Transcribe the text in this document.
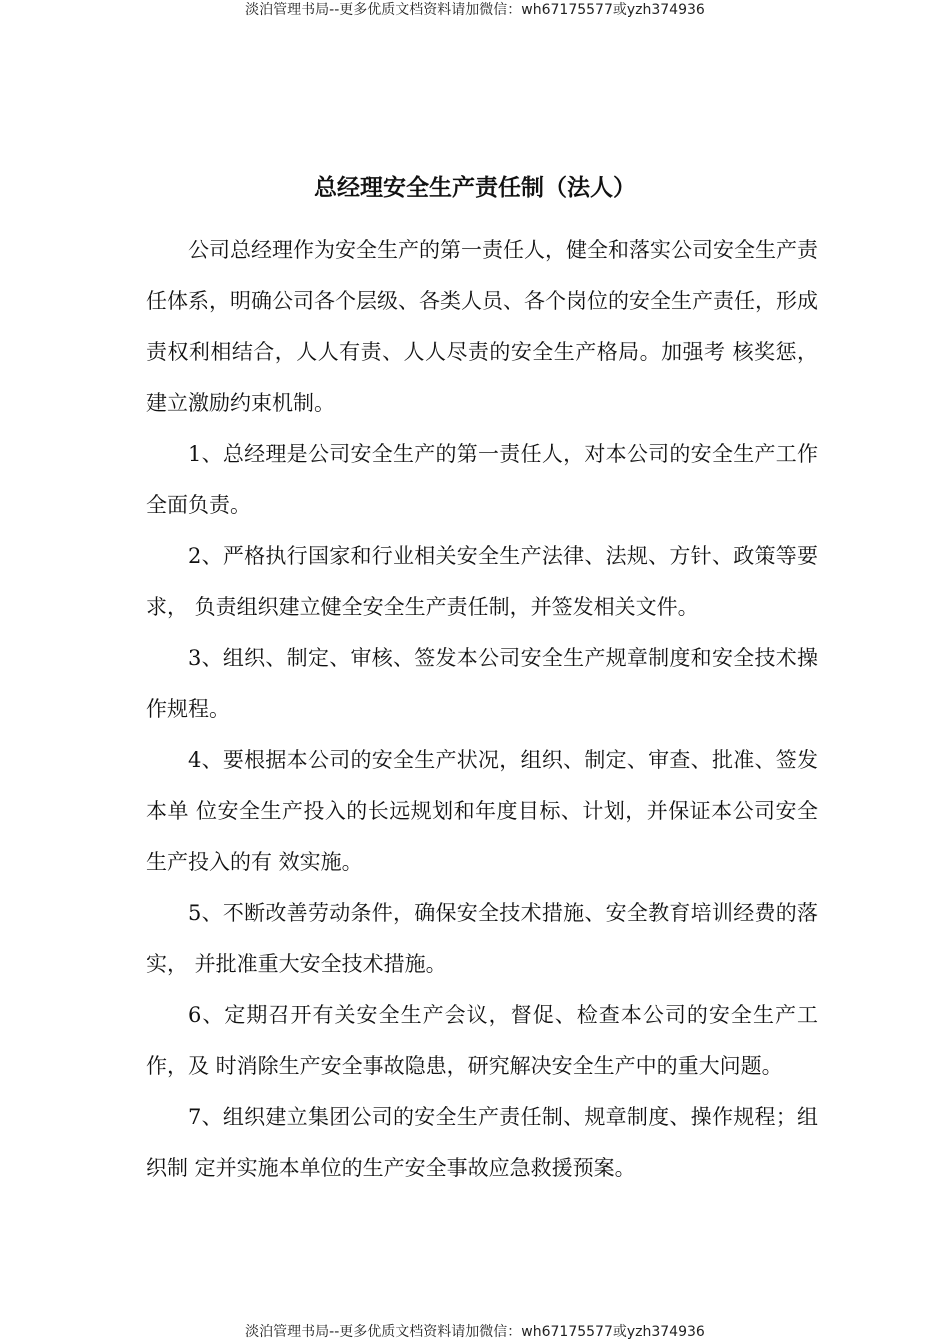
淡泊管理书局--更多优质文档资料请加微信：wh67175577或yzh374936
总经理安全生产责任制（法人）

公司总经理作为安全生产的第一责任人，健全和落实公司安全生产责任体系，明确公司各个层级、各类人员、各个岗位的安全生产责任，形成责权利相结合，人人有责、人人尽责的安全生产格局。加强考 核奖惩，建立激励约束机制。

1、总经理是公司安全生产的第一责任人，对本公司的安全生产工作全面负责。

2、严格执行国家和行业相关安全生产法律、法规、方针、政策等要求， 负责组织建立健全安全生产责任制，并签发相关文件。

3、组织、制定、审核、签发本公司安全生产规章制度和安全技术操作规程。

4、要根据本公司的安全生产状况，组织、制定、审查、批准、签发本单 位安全生产投入的长远规划和年度目标、计划，并保证本公司安全生产投入的有 效实施。

5、不断改善劳动条件，确保安全技术措施、安全教育培训经费的落实， 并批准重大安全技术措施。

6、定期召开有关安全生产会议，督促、检查本公司的安全生产工作，及 时消除生产安全事故隐患，研究解决安全生产中的重大问题。

7、组织建立集团公司的安全生产责任制、规章制度、操作规程；组织制 定并实施本单位的生产安全事故应急救援预案。

淡泊管理书局--更多优质文档资料请加微信：wh67175577或yzh374936
